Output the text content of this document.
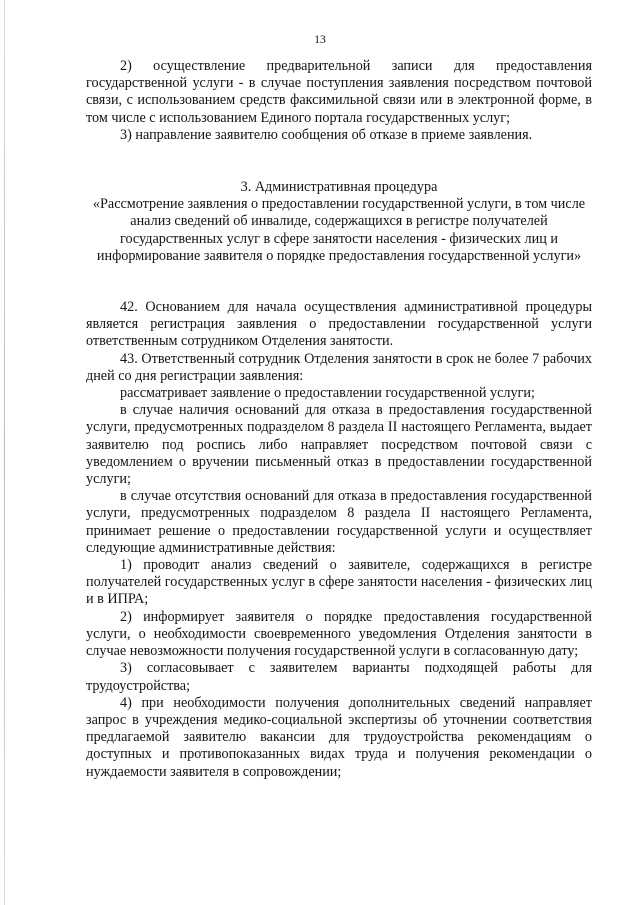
13

2) осуществление предварительной записи для предоставления государственной услуги - в случае поступления заявления посредством почтовой связи, с использованием средств факсимильной связи или в электронной форме, в том числе с использованием Единого портала государственных услуг;

3) направление заявителю сообщения об отказе в приеме заявления.

3. Административная процедура
«Рассмотрение заявления о предоставлении государственной услуги, в том числе анализ сведений об инвалиде, содержащихся в регистре получателей государственных услуг в сфере занятости населения - физических лиц и информирование заявителя о порядке предоставления государственной услуги»

42. Основанием для начала осуществления административной процедуры является регистрация заявления о предоставлении государственной услуги ответственным сотрудником Отделения занятости.

43. Ответственный сотрудник Отделения занятости в срок не более 7 рабочих дней со дня регистрации заявления:

рассматривает заявление о предоставлении государственной услуги;

в случае наличия оснований для отказа в предоставления государственной услуги, предусмотренных подразделом 8 раздела II настоящего Регламента, выдает заявителю под роспись либо направляет посредством почтовой связи с уведомлением о вручении письменный отказ в предоставлении государственной услуги;

в случае отсутствия оснований для отказа в предоставления государственной услуги, предусмотренных подразделом 8 раздела II настоящего Регламента, принимает решение о предоставлении государственной услуги и осуществляет следующие административные действия:

1) проводит анализ сведений о заявителе, содержащихся в регистре получателей государственных услуг в сфере занятости населения - физических лиц и в ИПРА;

2) информирует заявителя о порядке предоставления государственной услуги, о необходимости своевременного уведомления Отделения занятости в случае невозможности получения государственной услуги в согласованную дату;

3) согласовывает с заявителем варианты подходящей работы для трудоустройства;

4) при необходимости получения дополнительных сведений направляет запрос в учреждения медико-социальной экспертизы об уточнении соответствия предлагаемой заявителю вакансии для трудоустройства рекомендациям о доступных и противопоказанных видах труда и получения рекомендации о нуждаемости заявителя в сопровождении;
